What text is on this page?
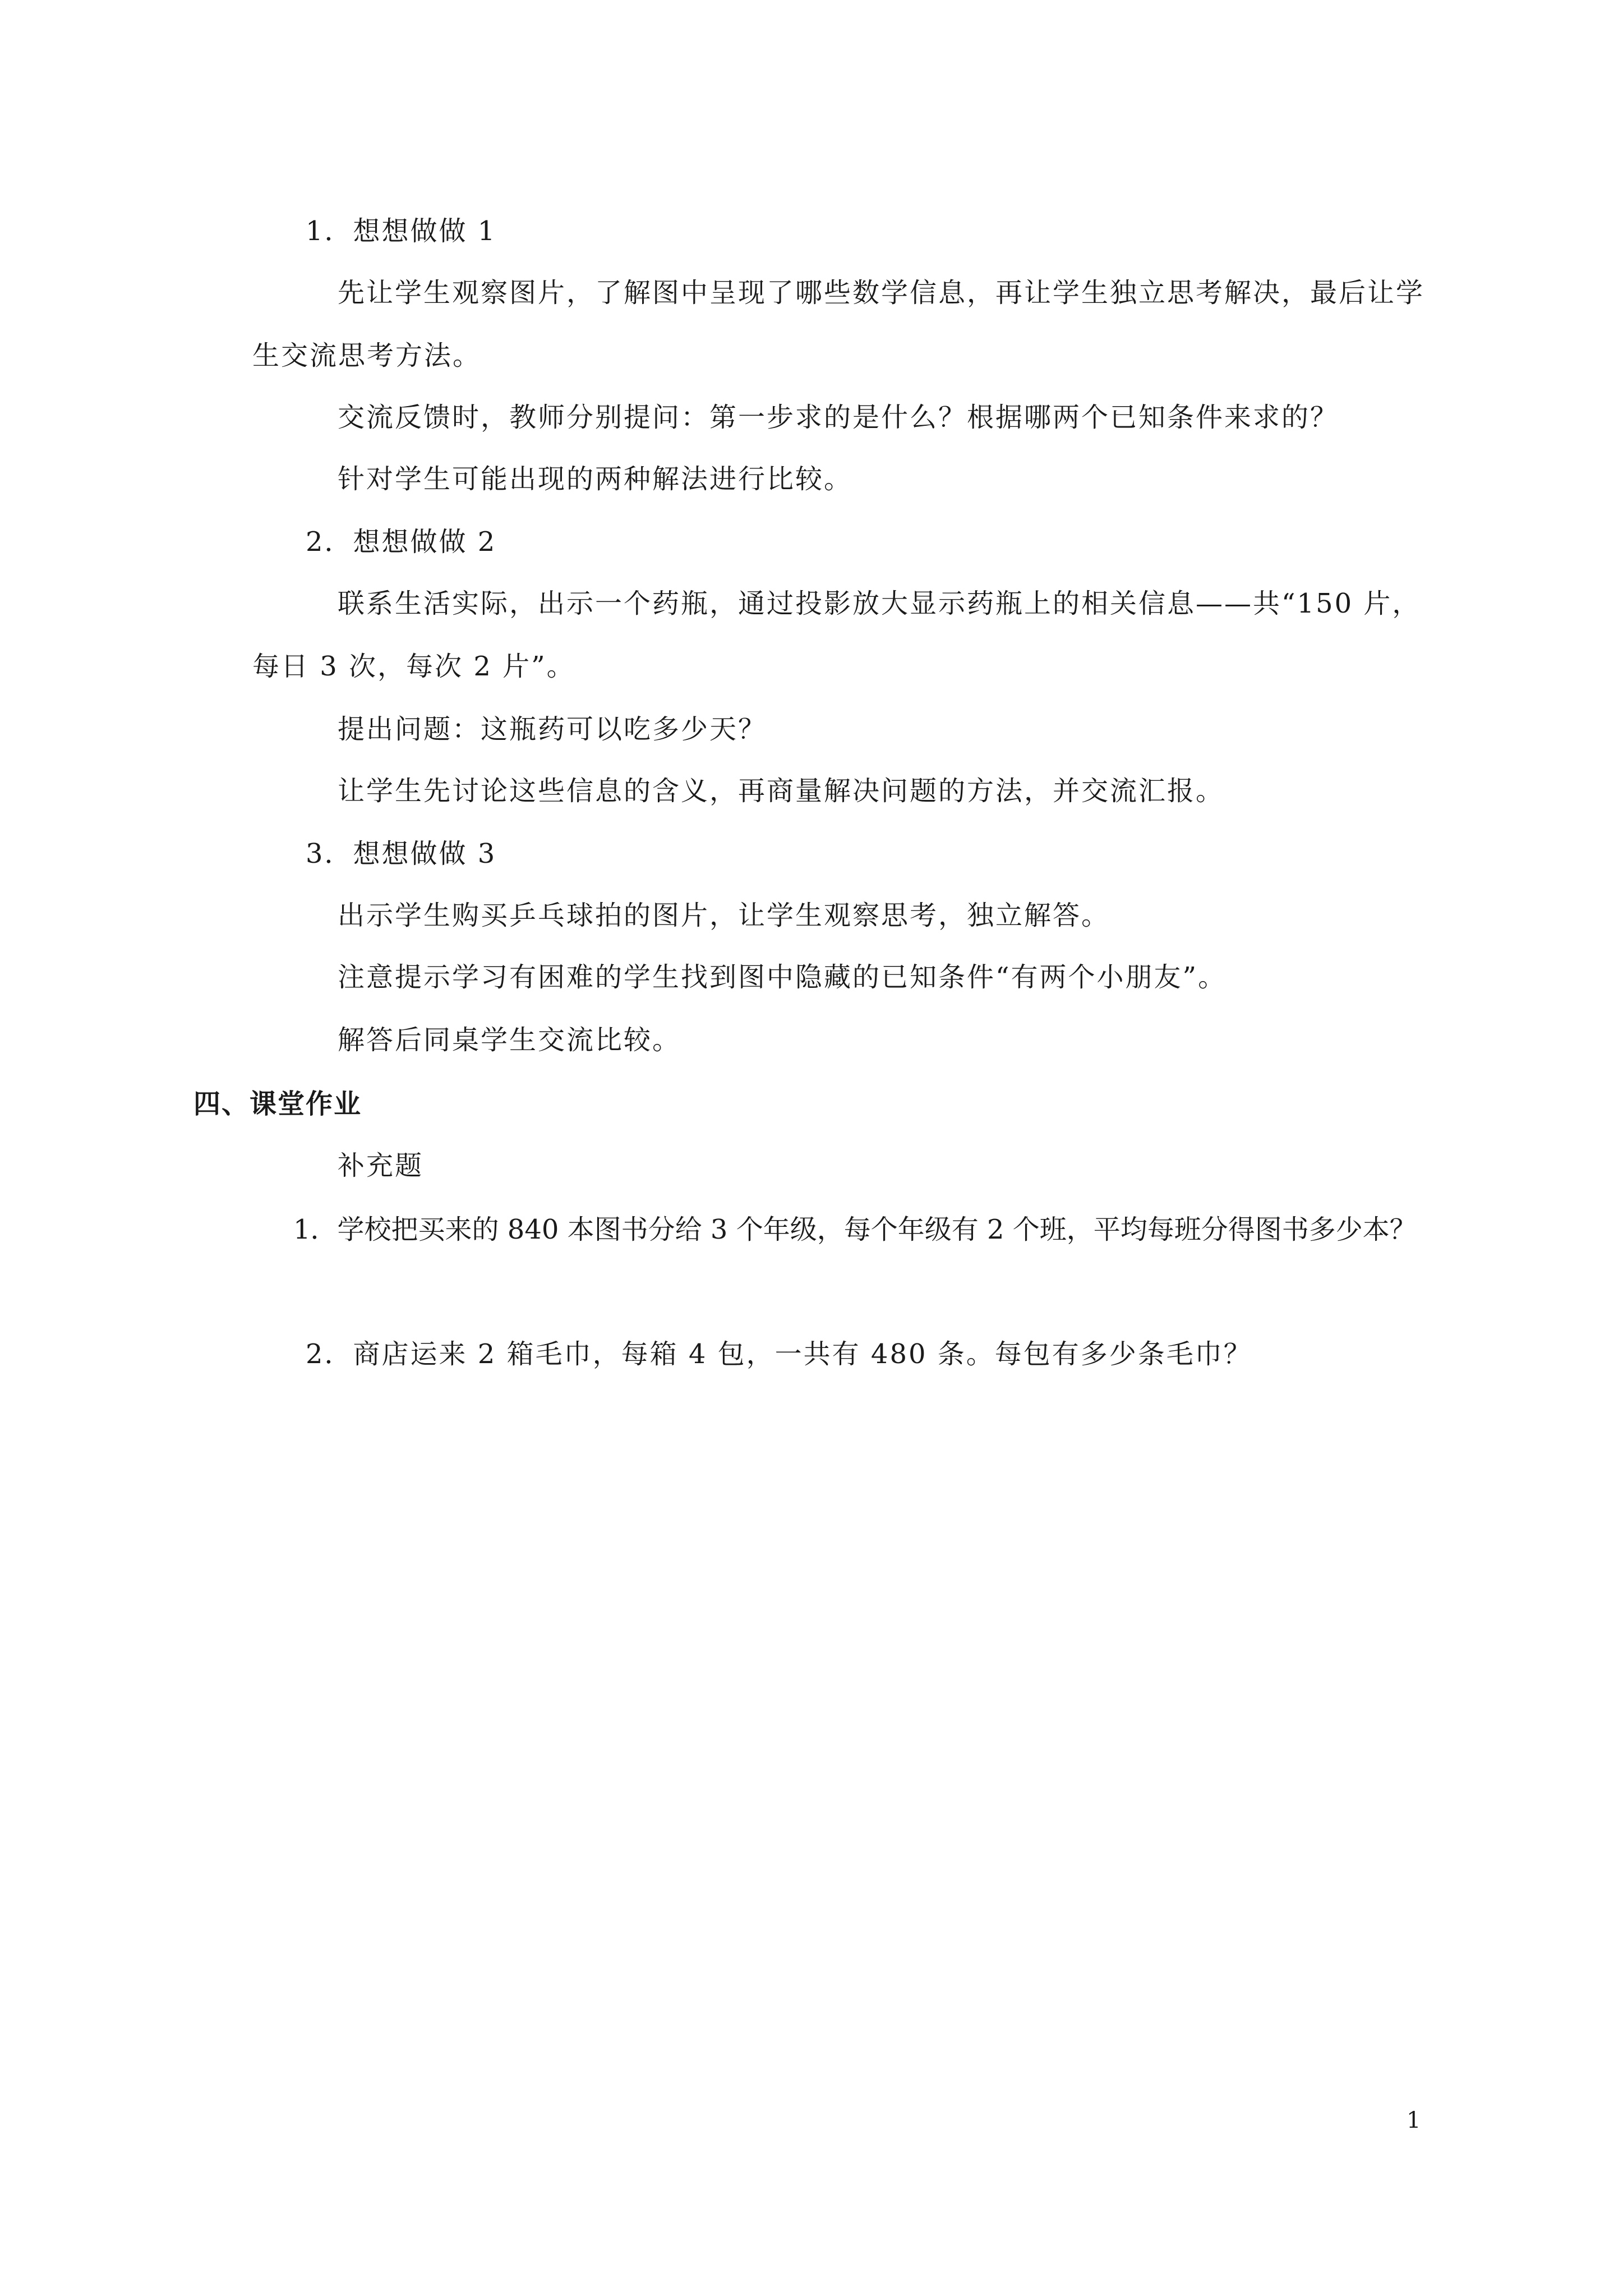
1．想想做做 1
先让学生观察图片，了解图中呈现了哪些数学信息，再让学生独立思考解决，最后让学
生交流思考方法。
交流反馈时，教师分别提问：第一步求的是什么？根据哪两个已知条件来求的？
针对学生可能出现的两种解法进行比较。
2．想想做做 2
联系生活实际，出示一个药瓶，通过投影放大显示药瓶上的相关信息——共“150 片，
每日 3 次，每次 2 片”。
提出问题：这瓶药可以吃多少天？
让学生先讨论这些信息的含义，再商量解决问题的方法，并交流汇报。
3．想想做做 3
出示学生购买乒乓球拍的图片，让学生观察思考，独立解答。
注意提示学习有困难的学生找到图中隐藏的已知条件“有两个小朋友”。
解答后同桌学生交流比较。
四、课堂作业
补充题
1．学校把买来的 840 本图书分给 3 个年级，每个年级有 2 个班，平均每班分得图书多少本？
2．商店运来 2 箱毛巾，每箱 4 包，一共有 480 条。每包有多少条毛巾？
1
